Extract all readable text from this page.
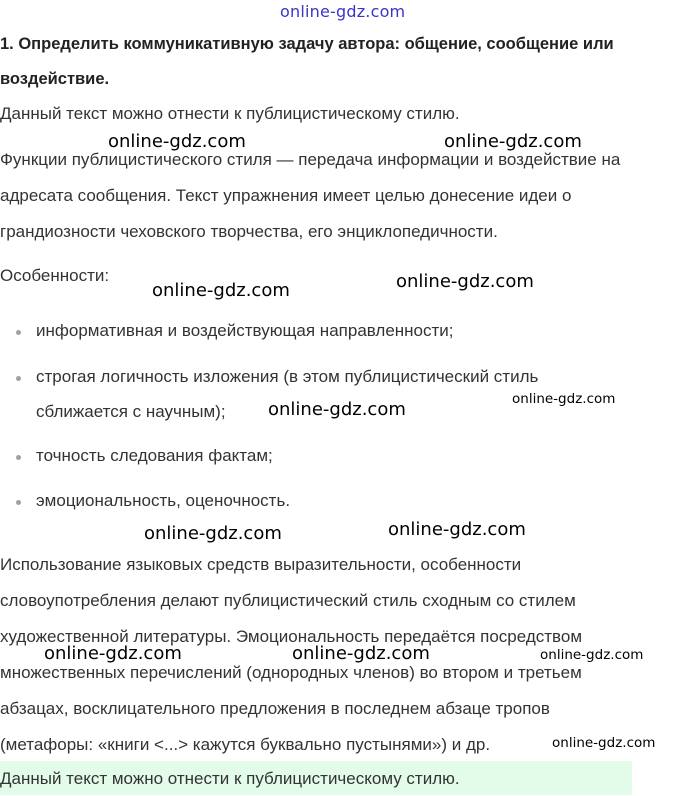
online-gdz.com
1. Определить коммуникативную задачу автора: общение, сообщение или
воздействие.
Данный текст можно отнести к публицистическому стилю.
Функции публицистического стиля — передача информации и воздействие на
адресата сообщения. Текст упражнения имеет целью донесение идеи о
грандиозности чеховского творчества, его энциклопедичности.
Особенности:
информативная и воздействующая направленности;
строгая логичность изложения (в этом публицистический стиль
сближается с научным);
точность следования фактам;
эмоциональность, оценочность.
Использование языковых средств выразительности, особенности
словоупотребления делают публицистический стиль сходным со стилем
художественной литературы. Эмоциональность передаётся посредством
множественных перечислений (однородных членов) во втором и третьем
абзацах, восклицательного предложения в последнем абзаце тропов
(метафоры: «книги <...> кажутся буквально пустынями») и др.
Данный текст можно отнести к публицистическому стилю.
online-gdz.com	online-gdz.com
online-gdz.com	online-gdz.com
online-gdz.com	online-gdz.com
online-gdz.com	online-gdz.com
online-gdz.com	online-gdz.com	online-gdz.com
online-gdz.com
